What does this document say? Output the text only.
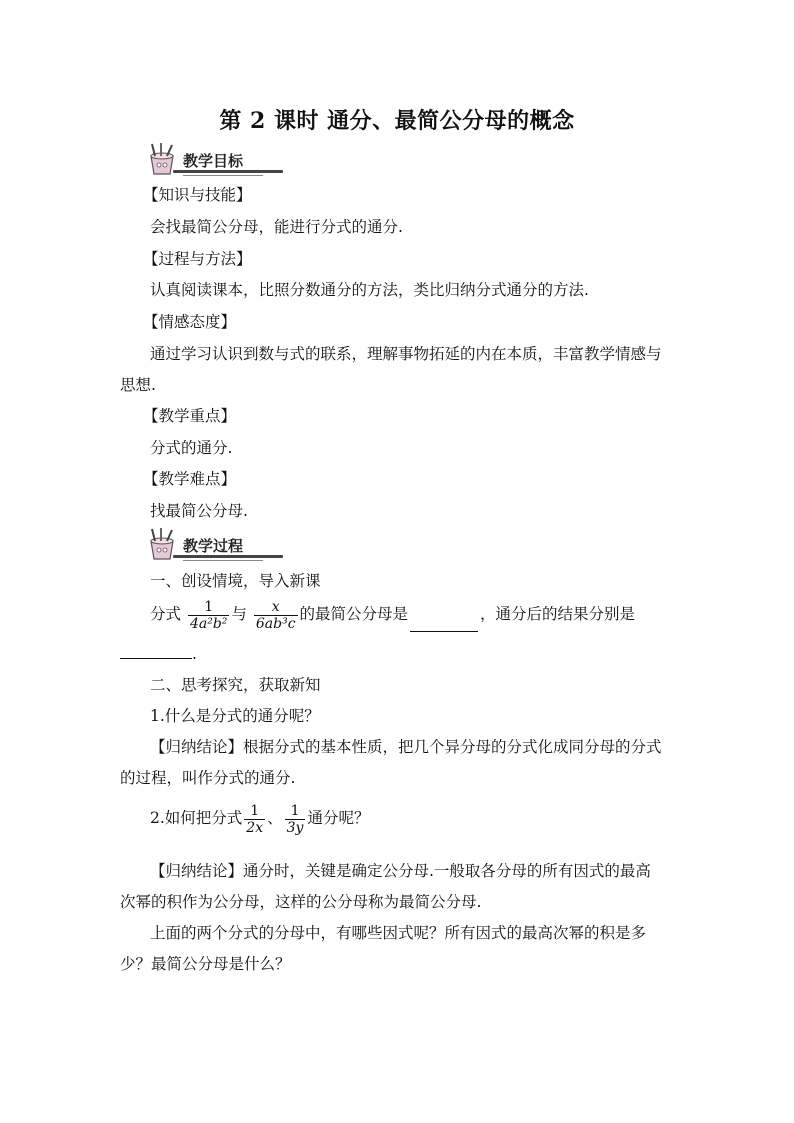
第 2 课时 通分、最简公分母的概念
教学目标
【知识与技能】
会找最简公分母，能进行分式的通分.
【过程与方法】
认真阅读课本，比照分数通分的方法，类比归纳分式通分的方法.
【情感态度】
通过学习认识到数与式的联系，理解事物拓延的内在本质，丰富教学情感与
思想.
【教学重点】
分式的通分.
【教学难点】
找最简公分母.
教学过程
一、创设情境，导入新课
分式 $\frac{1}{\text{4a²b²}}$ 与 $\frac{x}{\text{6ab³c}}$ 的最简公分母是	，通分后的结果分别是
.
二、思考探究，获取新知
1.什么是分式的通分呢？
【归纳结论】根据分式的基本性质，把几个异分母的分式化成同分母的分式
的过程，叫作分式的通分.
2.如何把分式 $\frac{1}{2x}$ 、 $\frac{1}{3y}$ 通分呢？
【归纳结论】通分时，关键是确定公分母.一般取各分母的所有因式的最高
次幂的积作为公分母，这样的公分母称为最简公分母.
上面的两个分式的分母中，有哪些因式呢？所有因式的最高次幂的积是多
少？最简公分母是什么？
